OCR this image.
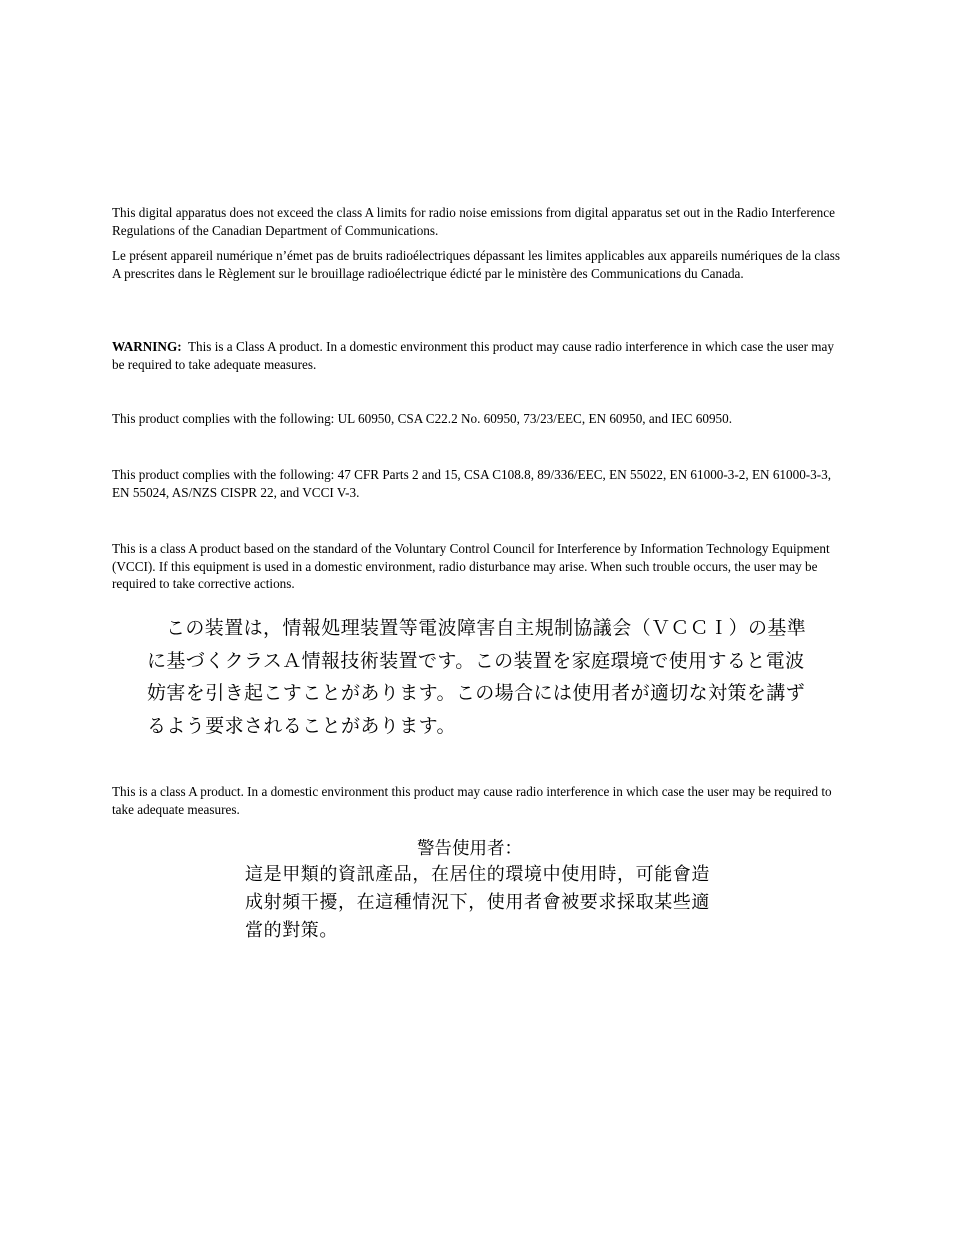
This digital apparatus does not exceed the class A limits for radio noise emissions from digital apparatus set out in the Radio Interference Regulations of the Canadian Department of Communications.

Le présent appareil numérique n’émet pas de bruits radioélectriques dépassant les limites applicables aux appareils numériques de la class A prescrites dans le Règlement sur le brouillage radioélectrique édicté par le ministère des Communications du Canada.

WARNING: This is a Class A product. In a domestic environment this product may cause radio interference in which case the user may be required to take adequate measures.

This product complies with the following: UL 60950, CSA C22.2 No. 60950, 73/23/EEC, EN 60950, and IEC 60950.

This product complies with the following: 47 CFR Parts 2 and 15, CSA C108.8, 89/336/EEC, EN 55022, EN 61000-3-2, EN 61000-3-3, EN 55024, AS/NZS CISPR 22, and VCCI V-3.

This is a class A product based on the standard of the Voluntary Control Council for Interference by Information Technology Equipment (VCCI). If this equipment is used in a domestic environment, radio disturbance may arise. When such trouble occurs, the user may be required to take corrective actions.

この装置は，情報処理装置等電波障害自主規制協議会（ＶＣＣＩ）の基準に基づくクラスＡ情報技術装置です。この装置を家庭環境で使用すると電波妨害を引き起こすことがあります。この場合には使用者が適切な対策を講ずるよう要求されることがあります。

This is a class A product. In a domestic environment this product may cause radio interference in which case the user may be required to take adequate measures.

警告使用者：

這是甲類的資訊產品，在居住的環境中使用時，可能會造成射頻干擾，在這種情況下，使用者會被要求採取某些適當的對策。
